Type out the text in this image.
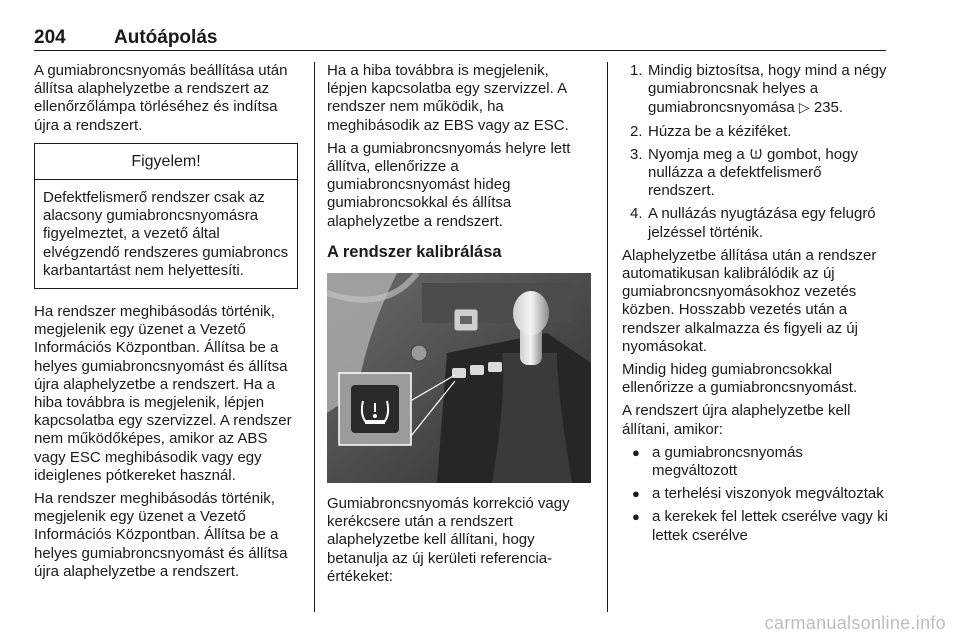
204	Autóápolás

A gumiabroncsnyomás beállítása után állítsa alaphelyzetbe a rendszert az ellenőrzőlámpa törléséhez és indítsa újra a rendszert.

Figyelem!
Defektfelismerő rendszer csak az alacsony gumiabroncsnyomásra figyelmeztet, a vezető által elvégzendő rendszeres gumiabroncs karbantartást nem helyettesíti.

Ha rendszer meghibásodás történik, megjelenik egy üzenet a Vezető Információs Központban. Állítsa be a helyes gumiabroncsnyomást és állítsa újra alaphelyzetbe a rendszert. Ha a hiba továbbra is megjelenik, lépjen kapcsolatba egy szervizzel. A rendszer nem működőképes, amikor az ABS vagy ESC meghibásodik vagy egy ideiglenes pótkereket használ.

Ha rendszer meghibásodás történik, megjelenik egy üzenet a Vezető Információs Központban. Állítsa be a helyes gumiabroncsnyomást és állítsa újra alaphelyzetbe a rendszert.

Ha a hiba továbbra is megjelenik, lépjen kapcsolatba egy szervizzel. A rendszer nem működik, ha meghibásodik az EBS vagy az ESC.

Ha a gumiabroncsnyomás helyre lett állítva, ellenőrizze a gumiabroncsnyomást hideg gumiabroncsokkal és állítsa alaphelyzetbe a rendszert.

A rendszer kalibrálása

Gumiabroncsnyomás korrekció vagy kerékcsere után a rendszert alaphelyzetbe kell állítani, hogy betanulja az új kerületi referencia-értékeket:

1. Mindig biztosítsa, hogy mind a négy gumiabroncsnak helyes a gumiabroncsnyomása ▷ 235.
2. Húzza be a kéziféket.
3. Nyomja meg a gombot, hogy nullázza a defektfelismerő rendszert.
4. A nullázás nyugtázása egy felugró jelzéssel történik.

Alaphelyzetbe állítása után a rendszer automatikusan kalibrálódik az új gumiabroncsnyomásokhoz vezetés közben. Hosszabb vezetés után a rendszer alkalmazza és figyeli az új nyomásokat.

Mindig hideg gumiabroncsokkal ellenőrizze a gumiabroncsnyomást.

A rendszert újra alaphelyzetbe kell állítani, amikor:

● a gumiabroncsnyomás megváltozott
● a terhelési viszonyok megváltoztak
● a kerekek fel lettek cserélve vagy ki lettek cserélve
carmanualsonline.info
